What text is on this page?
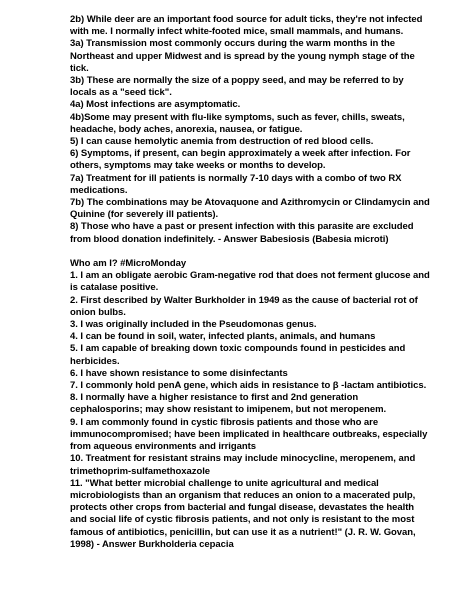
2b) While deer are an important food source for adult ticks, they're not infected
with me. I normally infect white-footed mice, small mammals, and humans.
3a) Transmission most commonly occurs during the warm months in the
Northeast and upper Midwest and is spread by the young nymph stage of the
tick.
3b) These are normally the size of a poppy seed, and may be referred to by
locals as a "seed tick".
4a) Most infections are asymptomatic.
4b)Some may present with flu-like symptoms, such as fever, chills, sweats,
headache, body aches, anorexia, nausea, or fatigue.
5) I can cause hemolytic anemia from destruction of red blood cells.
6) Symptoms, if present, can begin approximately a week after infection. For
others, symptoms may take weeks or months to develop.
7a) Treatment for ill patients is normally 7-10 days with a combo of two RX
medications.
7b) The combinations may be Atovaquone and Azithromycin or Clindamycin and
Quinine (for severely ill patients).
8) Those who have a past or present infection with this parasite are excluded
from blood donation indefinitely. - Answer Babesiosis (Babesia microti)
Who am I? #MicroMonday
1. I am an obligate aerobic Gram-negative rod that does not ferment glucose and
is catalase positive.
2. First described by Walter Burkholder in 1949 as the cause of bacterial rot of
onion bulbs.
3. I was originally included in the Pseudomonas genus.
4. I can be found in soil, water, infected plants, animals, and humans
5. I am capable of breaking down toxic compounds found in pesticides and
herbicides.
6. I have shown resistance to some disinfectants
7. I commonly hold penA gene, which aids in resistance to β -lactam antibiotics.
8. I normally have a higher resistance to first and 2nd generation
cephalosporins; may show resistant to imipenem, but not meropenem.
9. I am commonly found in cystic fibrosis patients and those who are
immunocompromised; have been implicated in healthcare outbreaks, especially
from aqueous environments and irrigants
10. Treatment for resistant strains may include minocycline, meropenem, and
trimethoprim-sulfamethoxazole
11. "What better microbial challenge to unite agricultural and medical
microbiologists than an organism that reduces an onion to a macerated pulp,
protects other crops from bacterial and fungal disease, devastates the health
and social life of cystic fibrosis patients, and not only is resistant to the most
famous of antibiotics, penicillin, but can use it as a nutrient!" (J. R. W. Govan,
1998) - Answer Burkholderia cepacia
